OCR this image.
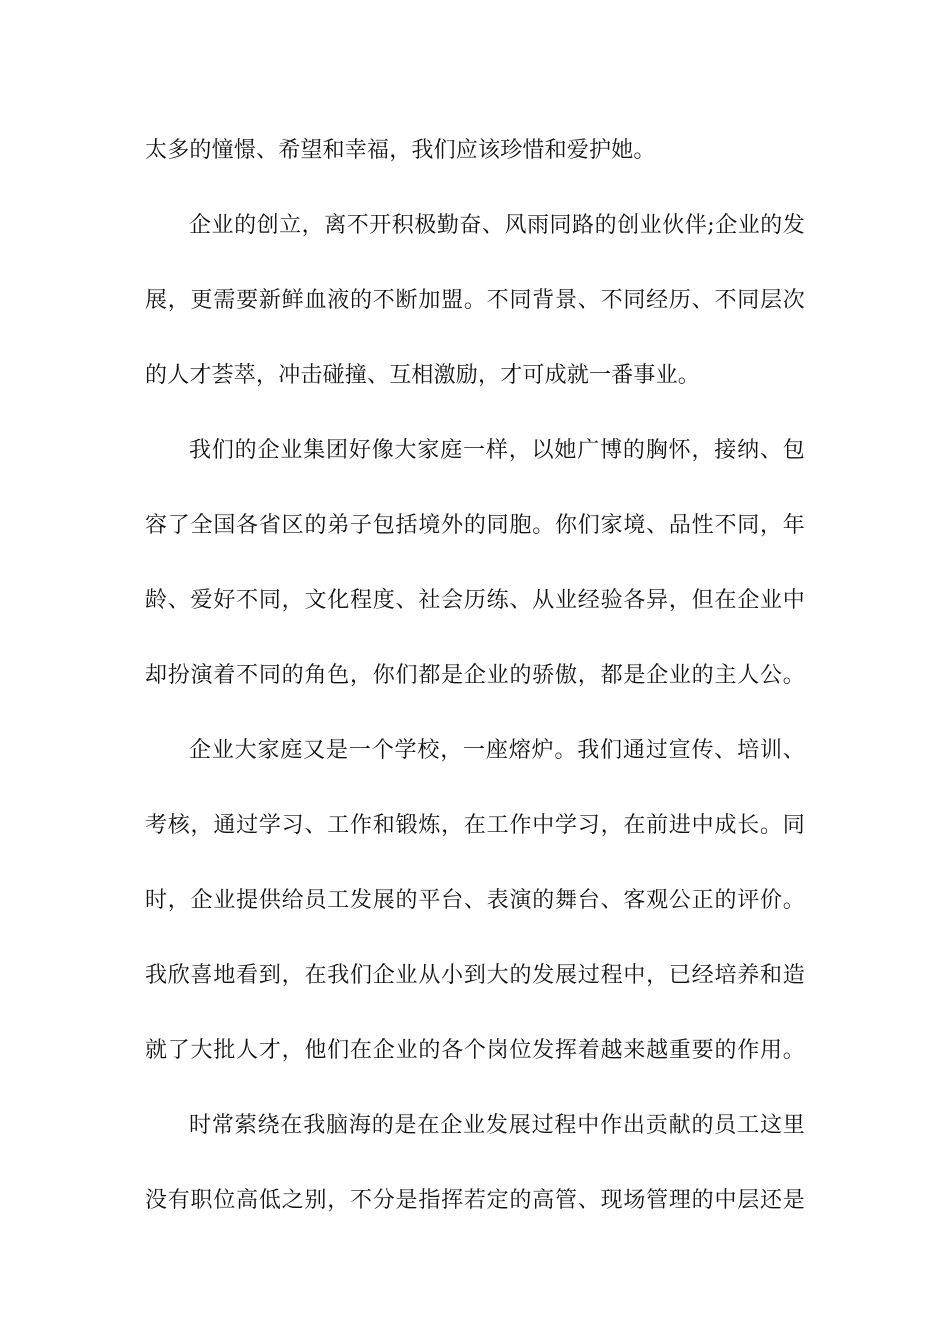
太多的憧憬、希望和幸福，我们应该珍惜和爱护她。
企业的创立，离不开积极勤奋、风雨同路的创业伙伴;企业的发
展，更需要新鲜血液的不断加盟。不同背景、不同经历、不同层次
的人才荟萃，冲击碰撞、互相激励，才可成就一番事业。
我们的企业集团好像大家庭一样，以她广博的胸怀，接纳、包
容了全国各省区的弟子包括境外的同胞。你们家境、品性不同，年
龄、爱好不同，文化程度、社会历练、从业经验各异，但在企业中
却扮演着不同的角色，你们都是企业的骄傲，都是企业的主人公。
企业大家庭又是一个学校，一座熔炉。我们通过宣传、培训、
考核，通过学习、工作和锻炼，在工作中学习，在前进中成长。同
时，企业提供给员工发展的平台、表演的舞台、客观公正的评价。
我欣喜地看到，在我们企业从小到大的发展过程中，已经培养和造
就了大批人才，他们在企业的各个岗位发挥着越来越重要的作用。
时常萦绕在我脑海的是在企业发展过程中作出贡献的员工这里
没有职位高低之别，不分是指挥若定的高管、现场管理的中层还是
